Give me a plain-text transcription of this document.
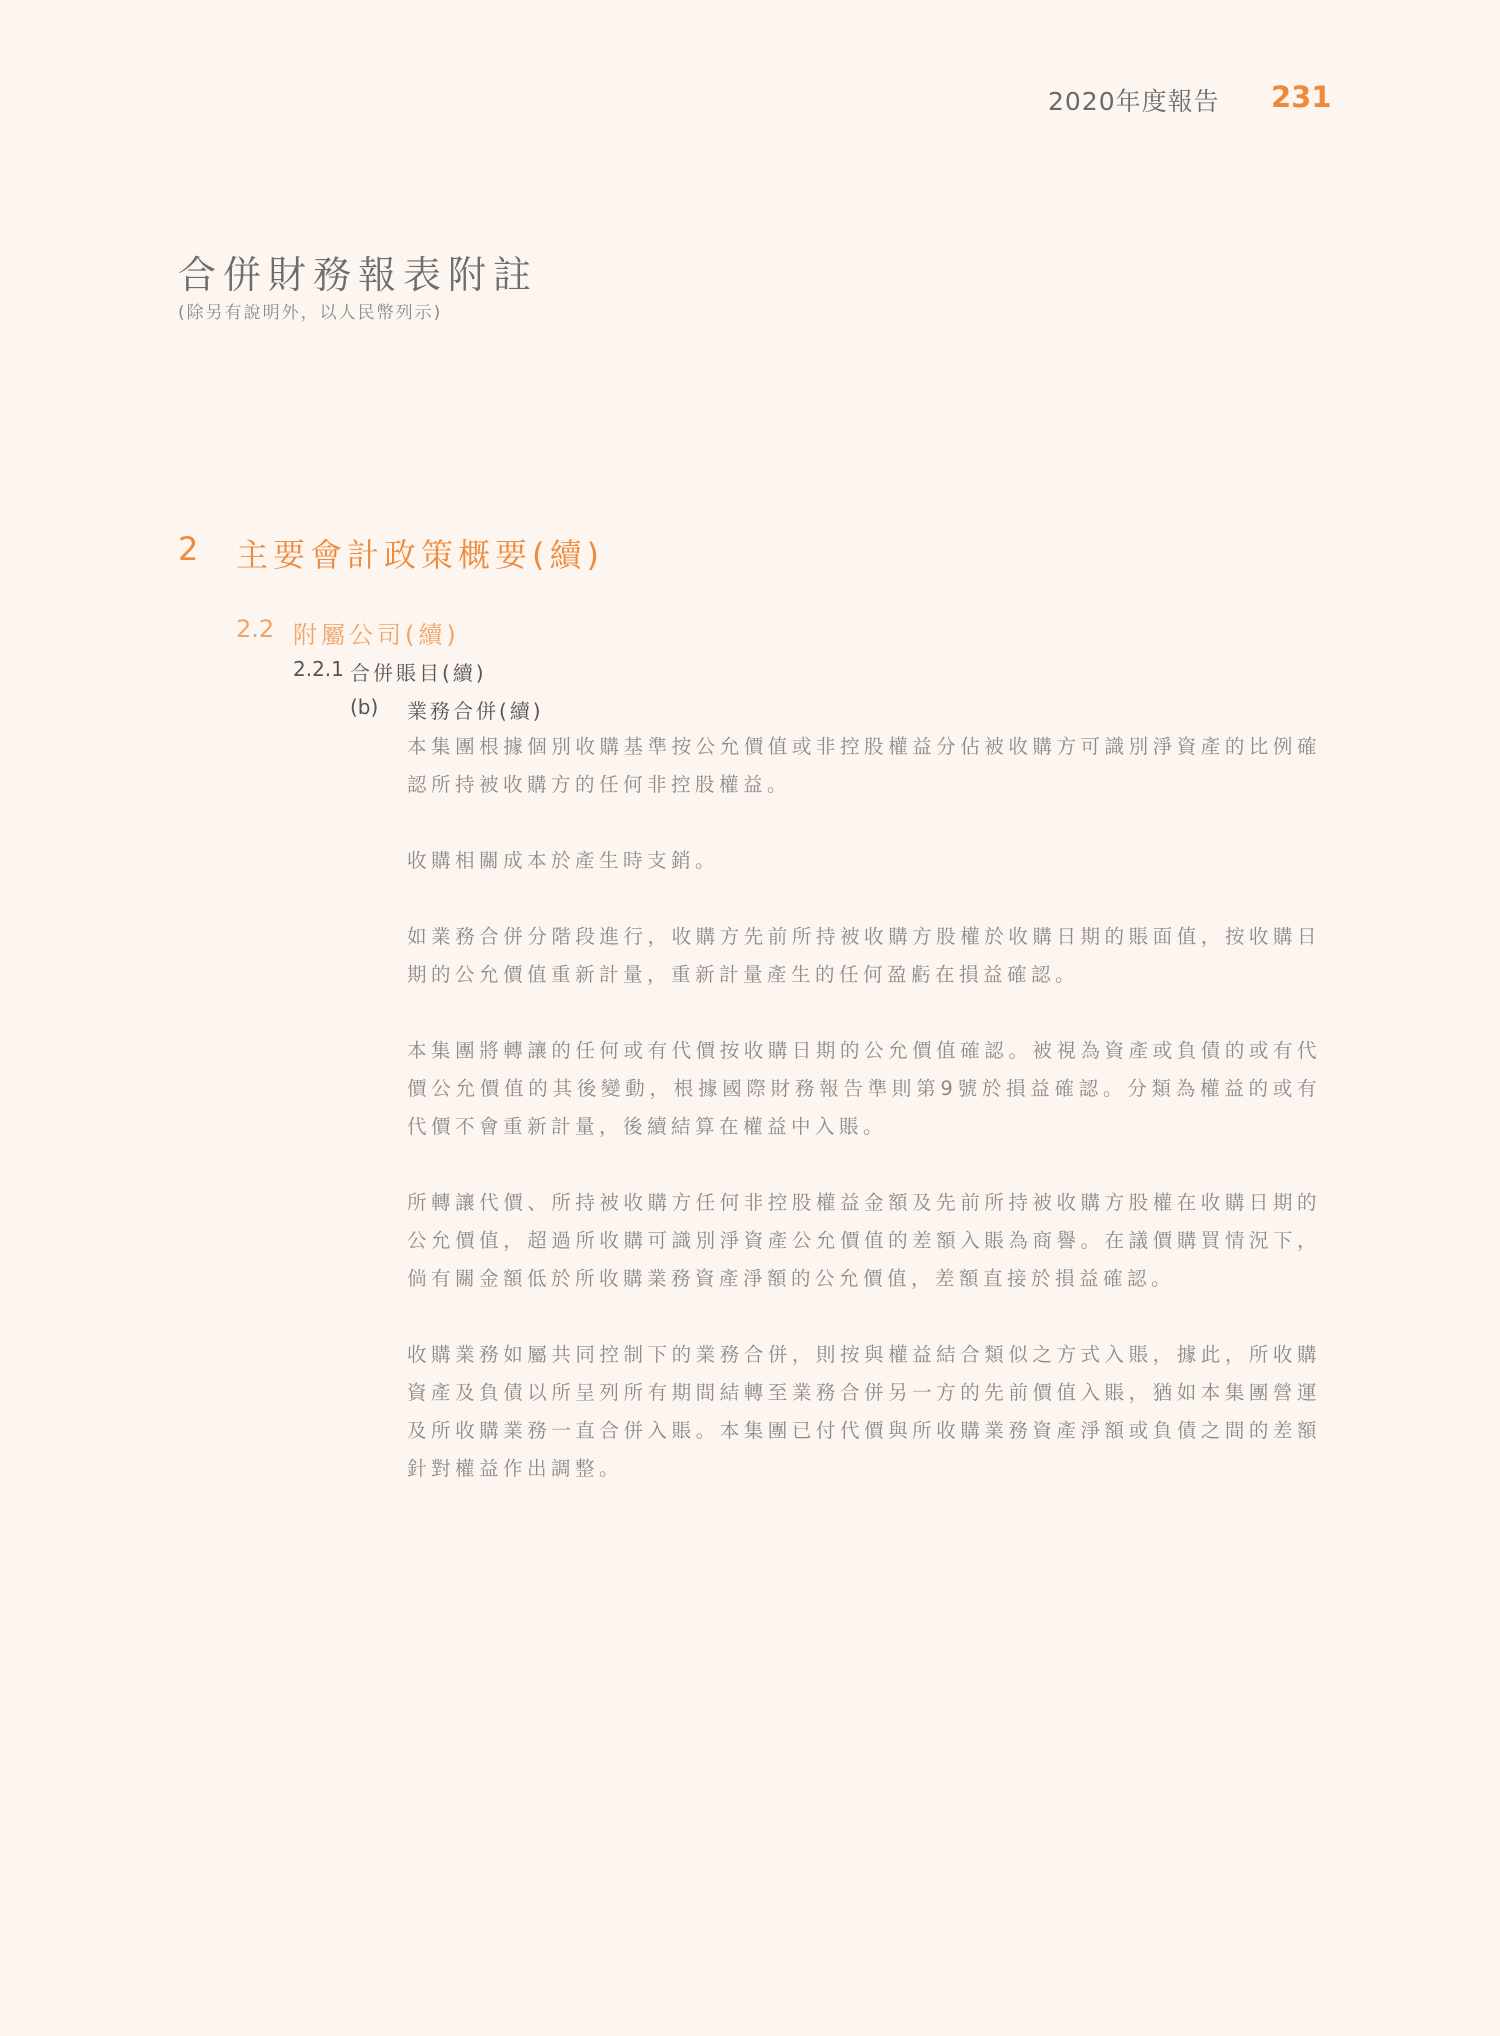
2020年度報告 231
合併財務報表附註
(除另有說明外，以人民幣列示)
2 主要會計政策概要(續)
2.2 附屬公司(續)
2.2.1 合併賬目(續)
(b) 業務合併(續)

本集團根據個別收購基準按公允價值或非控股權益分佔被收購方可識別淨資產的比例確認所持被收購方的任何非控股權益。

收購相關成本於產生時支銷。

如業務合併分階段進行，收購方先前所持被收購方股權於收購日期的賬面值，按收購日期的公允價值重新計量，重新計量產生的任何盈虧在損益確認。

本集團將轉讓的任何或有代價按收購日期的公允價值確認。被視為資產或負債的或有代價公允價值的其後變動，根據國際財務報告準則第9號於損益確認。分類為權益的或有代價不會重新計量，後續結算在權益中入賬。

所轉讓代價、所持被收購方任何非控股權益金額及先前所持被收購方股權在收購日期的公允價值，超過所收購可識別淨資產公允價值的差額入賬為商譽。在議價購買情況下，倘有關金額低於所收購業務資產淨額的公允價值，差額直接於損益確認。

收購業務如屬共同控制下的業務合併，則按與權益結合類似之方式入賬，據此，所收購資產及負債以所呈列所有期間結轉至業務合併另一方的先前價值入賬，猶如本集團營運及所收購業務一直合併入賬。本集團已付代價與所收購業務資產淨額或負債之間的差額針對權益作出調整。
